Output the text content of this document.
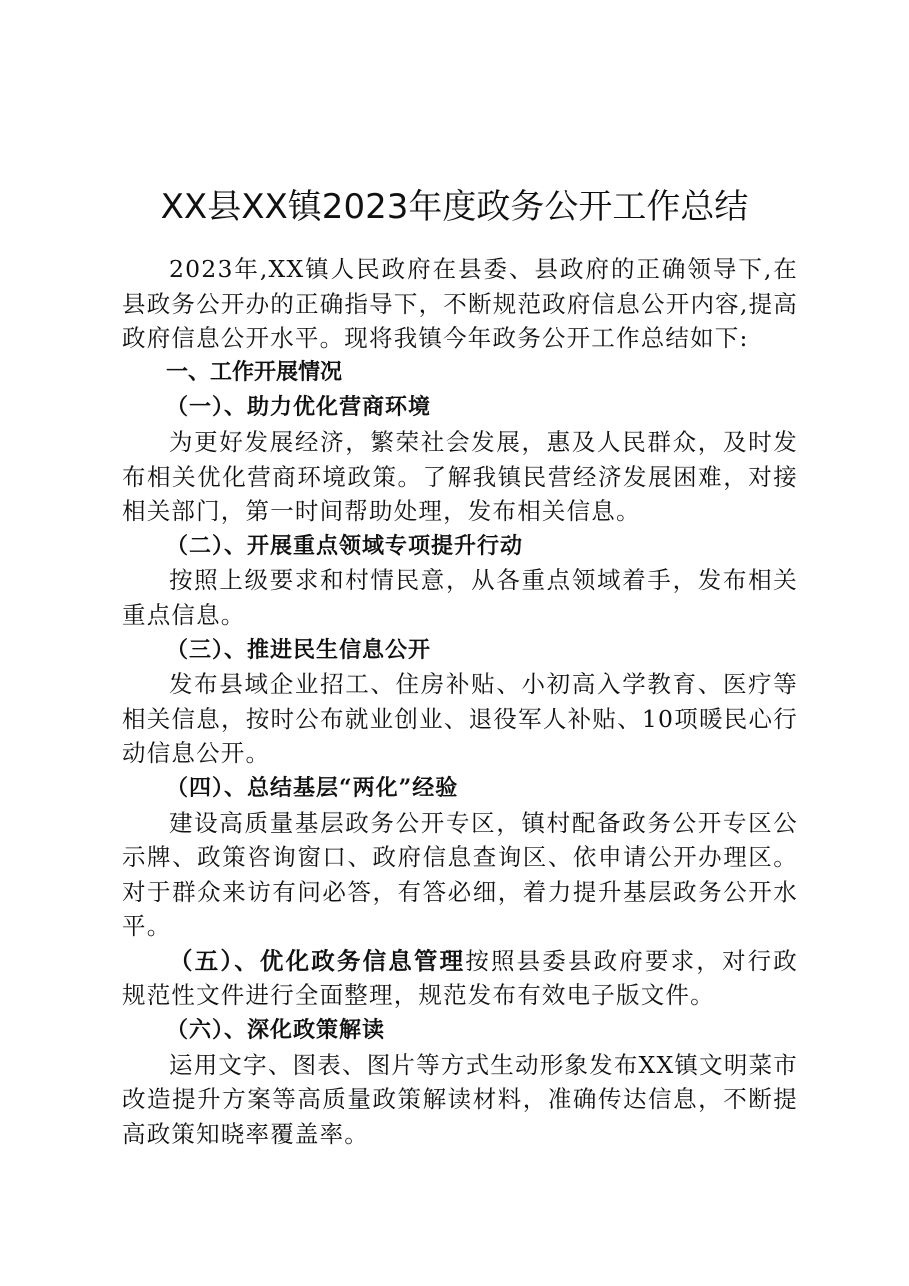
XX县XX镇2023年度政务公开工作总结

2023年,XX镇人民政府在县委、县政府的正确领导下,在县政务公开办的正确指导下，不断规范政府信息公开内容,提高政府信息公开水平。现将我镇今年政务公开工作总结如下:

一、工作开展情况

（一）、助力优化营商环境

为更好发展经济，繁荣社会发展，惠及人民群众，及时发布相关优化营商环境政策。了解我镇民营经济发展困难，对接相关部门，第一时间帮助处理，发布相关信息。

（二）、开展重点领域专项提升行动

按照上级要求和村情民意，从各重点领域着手，发布相关重点信息。

（三）、推进民生信息公开

发布县域企业招工、住房补贴、小初高入学教育、医疗等相关信息，按时公布就业创业、退役军人补贴、10项暖民心行动信息公开。

（四）、总结基层“两化”经验

建设高质量基层政务公开专区，镇村配备政务公开专区公示牌、政策咨询窗口、政府信息查询区、依申请公开办理区。对于群众来访有问必答，有答必细，着力提升基层政务公开水平。

（五）、优化政务信息管理按照县委县政府要求，对行政规范性文件进行全面整理，规范发布有效电子版文件。

（六）、深化政策解读

运用文字、图表、图片等方式生动形象发布XX镇文明菜市改造提升方案等高质量政策解读材料，准确传达信息，不断提高政策知晓率覆盖率。
